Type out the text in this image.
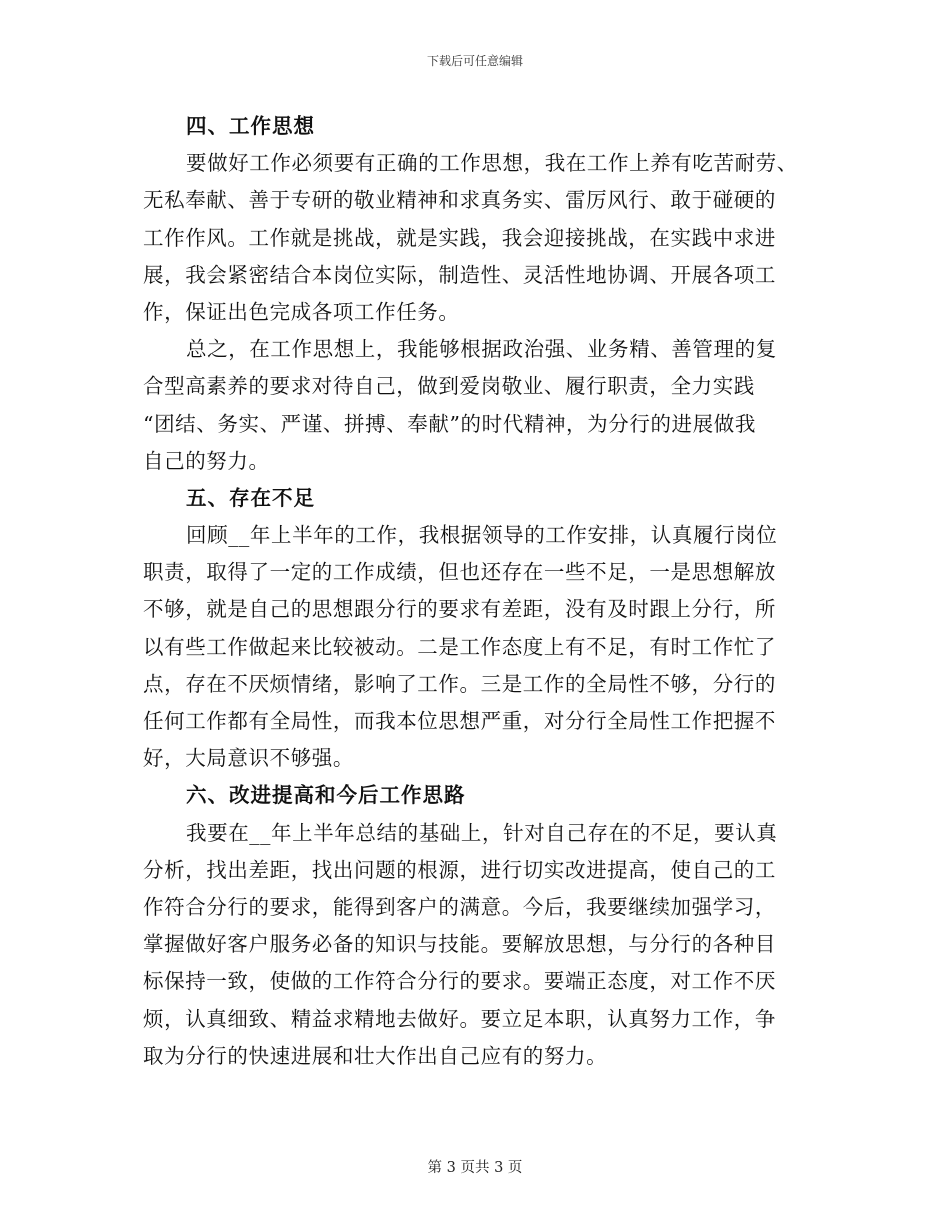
下载后可任意编辑
四、工作思想
要做好工作必须要有正确的工作思想，我在工作上养有吃苦耐劳、
无私奉献、善于专研的敬业精神和求真务实、雷厉风行、敢于碰硬的
工作作风。工作就是挑战，就是实践，我会迎接挑战，在实践中求进
展，我会紧密结合本岗位实际，制造性、灵活性地协调、开展各项工
作，保证出色完成各项工作任务。
总之，在工作思想上，我能够根据政治强、业务精、善管理的复
合型高素养的要求对待自己，做到爱岗敬业、履行职责，全力实践
“团结、务实、严谨、拼搏、奉献”的时代精神，为分行的进展做我
自己的努力。
五、存在不足
回顾__年上半年的工作，我根据领导的工作安排，认真履行岗位
职责，取得了一定的工作成绩，但也还存在一些不足，一是思想解放
不够，就是自己的思想跟分行的要求有差距，没有及时跟上分行，所
以有些工作做起来比较被动。二是工作态度上有不足，有时工作忙了
点，存在不厌烦情绪，影响了工作。三是工作的全局性不够，分行的
任何工作都有全局性，而我本位思想严重，对分行全局性工作把握不
好，大局意识不够强。
六、改进提高和今后工作思路
我要在__年上半年总结的基础上，针对自己存在的不足，要认真
分析，找出差距，找出问题的根源，进行切实改进提高，使自己的工
作符合分行的要求，能得到客户的满意。今后，我要继续加强学习，
掌握做好客户服务必备的知识与技能。要解放思想，与分行的各种目
标保持一致，使做的工作符合分行的要求。要端正态度，对工作不厌
烦，认真细致、精益求精地去做好。要立足本职，认真努力工作，争
取为分行的快速进展和壮大作出自己应有的努力。
第 3 页共 3 页
